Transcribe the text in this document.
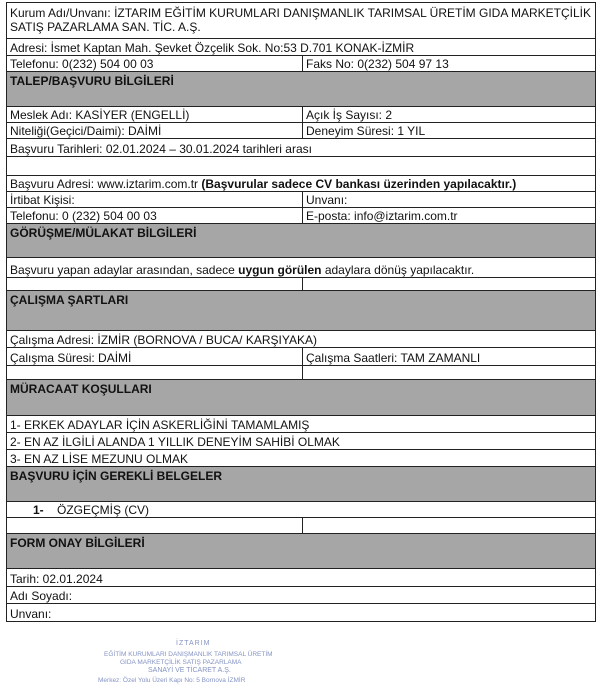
Kurum Adı/Unvanı: İZTARIM EĞİTİM KURUMLARI DANIŞMANLIK TARIMSAL ÜRETİM GIDA MARKETÇİLİK SATIŞ PAZARLAMA SAN. TİC. A.Ş.	
Adresi: İsmet Kaptan Mah. Şevket Özçelik Sok. No:53 D.701 KONAK-İZMİR	
Telefonu: 0(232) 504 00 03	Faks No: 0(232) 504 97 13
TALEP/BAŞVURU BİLGİLERİ	
Meslek Adı: KASİYER (ENGELLİ)	Açık İş Sayısı: 2
Niteliği(Geçici/Daimi): DAİMİ	Deneyim Süresi: 1 YIL
Başvuru Tarihleri: 02.01.2024 – 30.01.2024 tarihleri arası	

Başvuru Adresi: www.iztarim.com.tr (Başvurular sadece CV bankası üzerinden yapılacaktır.)	
İrtibat Kişisi:	Unvanı:
Telefonu: 0 (232) 504 00 03	E-posta: info@iztarim.com.tr
GÖRÜŞME/MÜLAKAT BİLGİLERİ	
Başvuru yapan adaylar arasından, sadece uygun görülen adaylara dönüş yapılacaktır.	

ÇALIŞMA ŞARTLARI	
Çalışma Adresi: İZMİR (BORNOVA / BUCA/ KARŞIYAKA)	
Çalışma Süresi: DAİMİ	Çalışma Saatleri: TAM ZAMANLI

MÜRACAAT KOŞULLARI	
1- ERKEK ADAYLAR İÇİN ASKERLİĞİNİ TAMAMLAMIŞ	
2- EN AZ İLGİLİ ALANDA 1 YILLIK DENEYİM SAHİBİ OLMAK	
3- EN AZ LİSE MEZUNU OLMAK	
BAŞVURU İÇİN GEREKLİ BELGELER	
1- ÖZGEÇMİŞ (CV)	

FORM ONAY BİLGİLERİ	
Tarih: 02.01.2024	
Adı Soyadı:	
Unvanı:	
İZTARIM
EĞİTİM KURUMLARI DANIŞMANLIK TARIMSAL ÜRETİM
GIDA MARKETÇİLİK SATIŞ PAZARLAMA
SANAYİ VE TİCARET A.Ş.
Merkez: Özel Yolu Üzeri Kapı No: 5 Bornova İZMİR
